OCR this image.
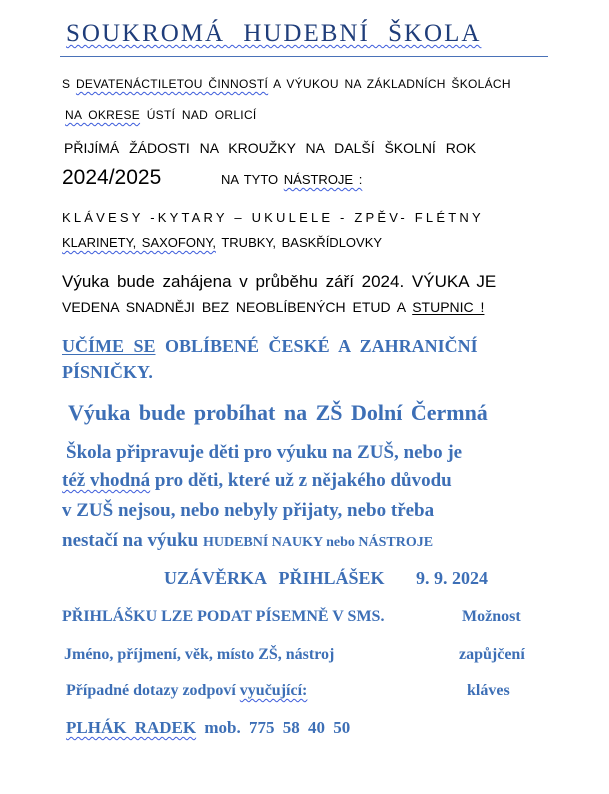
SOUKROMÁ HUDEBNÍ ŠKOLA
S DEVATENÁCTILETOU ČINNOSTÍ A VÝUKOU NA ZÁKLADNÍCH ŠKOLÁCH
NA OKRESE ÚSTÍ NAD ORLICÍ
PŘIJÍMÁ ŽÁDOSTI NA KROUŽKY NA DALŠÍ ŠKOLNÍ ROK
2024/2025	NA TYTO NÁSTROJE :
KLÁVESY -KYTARY – UKULELE - ZPĚV- FLÉTNY
KLARINETY, SAXOFONY, TRUBKY, BASKŘÍDLOVKY
Výuka bude zahájena v průběhu září 2024. VÝUKA JE
VEDENA SNADNĚJI BEZ NEOBLÍBENÝCH ETUD A STUPNIC !
UČÍME SE OBLÍBENÉ ČESKÉ A ZAHRANIČNÍ
PÍSNIČKY.
Výuka bude probíhat na ZŠ Dolní Čermná
Škola připravuje děti pro výuku na ZUŠ, nebo je
též vhodná pro děti, které už z nějakého důvodu
v ZUŠ nejsou, nebo nebyly přijaty, nebo třeba
nestačí na výuku HUDEBNÍ NAUKY nebo NÁSTROJE
UZÁVĚRKA PŘIHLÁŠEK 9. 9. 2024
PŘIHLÁŠKU LZE PODAT PÍSEMNĚ V SMS.	Možnost
Jméno, příjmení, věk, místo ZŠ, nástroj	zapůjčení
Případné dotazy zodpoví vyučující:	kláves
PLHÁK RADEK mob. 775 58 40 50
